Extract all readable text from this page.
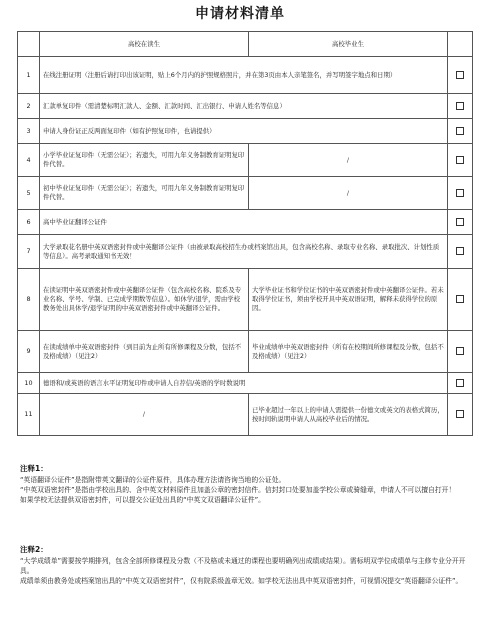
申请材料清单
	高校在读生	高校毕业生	
1	在线注册证明（注册后请打印出该证明，贴上6个月内的护照规格照片，并在第3页由本人亲笔签名，并写明签字地点和日期）		
2	汇款单复印件（需清楚标明汇款人、金额、汇款时间、汇出银行、申请人姓名等信息）		
3	申请人身份证正反两面复印件（如有护照复印件，也请提供）		
4	小学毕业证复印件（无需公证）；若遗失，可用九年义务制教育证明复印件代替。	/	
5	初中毕业证复印件（无需公证）；若遗失，可用九年义务制教育证明复印件代替。	/	
6	高中毕业证翻译公证件		
7	大学录取花名册中英双语密封件或中英翻译公证件（由被录取高校招生办或档案馆出具，包含高校名称、录取专业名称、录取批次、计划性质等信息）。高考录取通知书无效！		
8	在读证明中英双语密封件或中英翻译公证件（包含高校名称、院系及专业名称、学号、学制、已完成学期数等信息）。如休学/退学，需由学校教务处出具休学/退学证明的中英双语密封件或中英翻译公证件。	大学毕业证书和学位证书的中英双语密封件或中英翻译公证件。若未取得学位证书，须由学校开具中英双语证明，解释未获得学位的原因。	
9	在读成绩单中英双语密封件（到目前为止所有所修课程及分数，包括不及格成绩）（见注2）	毕业成绩单中英双语密封件（所有在校期间所修课程及分数，包括不及格成绩）（见注2）	
10	德语和/或英语的语言水平证明复印件或申请人自荐信/英语的学时数说明		
11	/	已毕业超过一年以上的申请人需提供一份德文或英文的表格式简历，按时间轨说明申请人从高校毕业后的情况。	
注释1：

“英语翻译公证件”是指附带英文翻译的公证件原件，具体办理方法请咨询当地的公证处。

“中英双语密封件”是指由学校出具的、含中英文材料原件且加盖公章的密封信件。信封封口处要加盖学校公章或骑缝章，申请人不可以擅自打开！

如果学校无法提供双语密封件，可以提交公证处出具的“中英文双语翻译公证件”。

注释2：

“大学成绩单”需要按学期排列，包含全部所修课程及分数（不及格或未通过的课程也要明确列出成绩或结果）。需标明双学位成绩单与主修专业分开开具。

成绩单须由教务处或档案馆出具的“中英文双语密封件”，仅有院系级盖章无效。如学校无法出具中英双语密封件，可视情况提交“英语翻译公证件”。
